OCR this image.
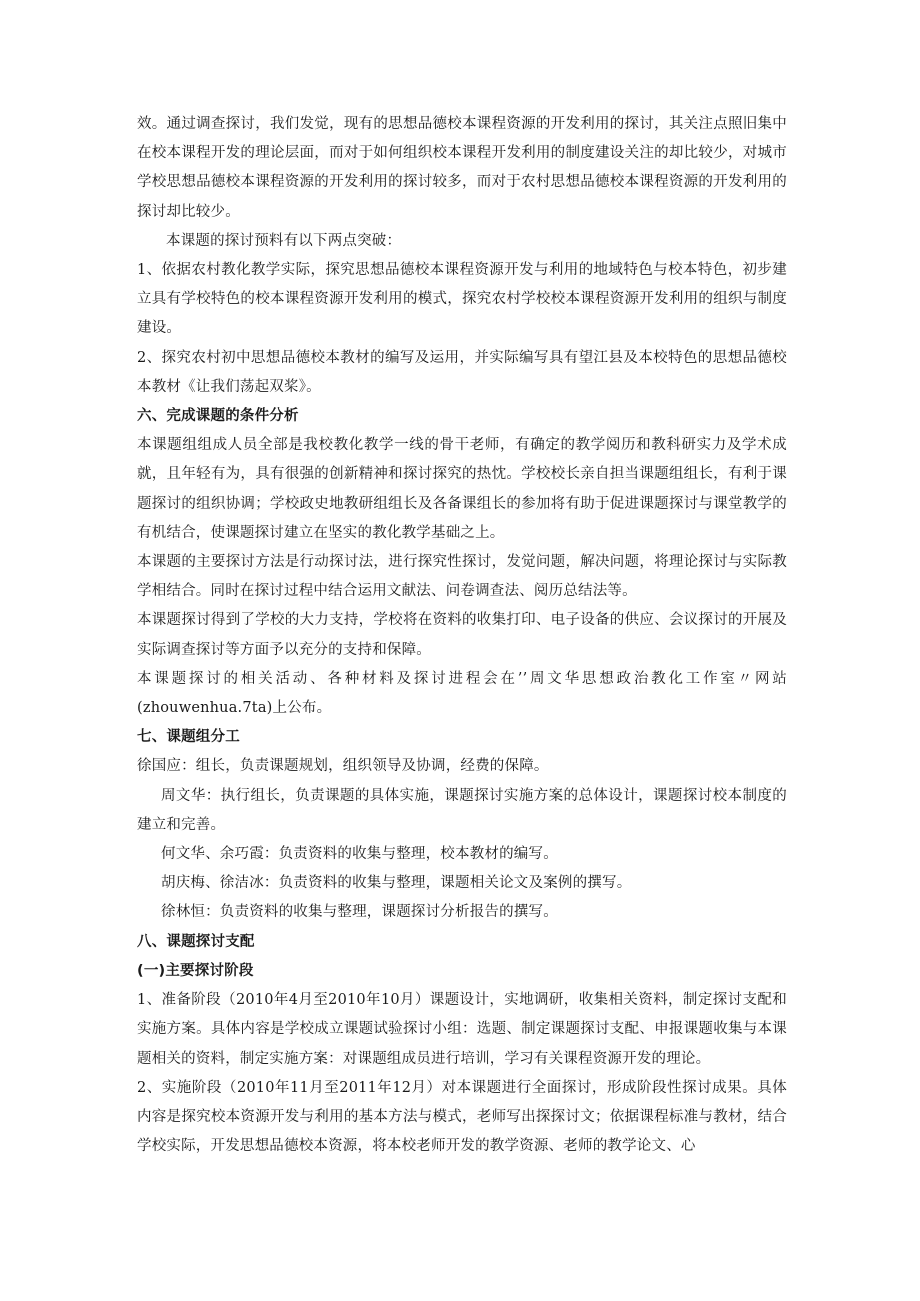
效。通过调查探讨，我们发觉，现有的思想品德校本课程资源的开发利用的探讨，其关注点照旧集中在校本课程开发的理论层面，而对于如何组织校本课程开发利用的制度建设关注的却比较少，对城市学校思想品德校本课程资源的开发利用的探讨较多，而对于农村思想品德校本课程资源的开发利用的探讨却比较少。

本课题的探讨预料有以下两点突破：

1、依据农村教化教学实际，探究思想品德校本课程资源开发与利用的地域特色与校本特色，初步建立具有学校特色的校本课程资源开发利用的模式，探究农村学校校本课程资源开发利用的组织与制度建设。

2、探究农村初中思想品德校本教材的编写及运用，并实际编写具有望江县及本校特色的思想品德校本教材《让我们荡起双桨》。

六、完成课题的条件分析

本课题组组成人员全部是我校教化教学一线的骨干老师，有确定的教学阅历和教科研实力及学术成就，且年轻有为，具有很强的创新精神和探讨探究的热忱。学校校长亲自担当课题组组长，有利于课题探讨的组织协调；学校政史地教研组组长及各备课组长的参加将有助于促进课题探讨与课堂教学的有机结合，使课题探讨建立在坚实的教化教学基础之上。

本课题的主要探讨方法是行动探讨法，进行探究性探讨，发觉问题，解决问题，将理论探讨与实际教学相结合。同时在探讨过程中结合运用文献法、问卷调查法、阅历总结法等。

本课题探讨得到了学校的大力支持，学校将在资料的收集打印、电子设备的供应、会议探讨的开展及实际调查探讨等方面予以充分的支持和保障。

本课题探讨的相关活动、各种材料及探讨进程会在’’周文华思想政治教化工作室〃网站(zhouwenhua.7ta)上公布。

七、课题组分工

徐国应：组长，负责课题规划，组织领导及协调，经费的保障。

周文华：执行组长，负责课题的具体实施，课题探讨实施方案的总体设计，课题探讨校本制度的建立和完善。

何文华、余巧霞：负责资料的收集与整理，校本教材的编写。

胡庆梅、徐洁冰：负责资料的收集与整理，课题相关论文及案例的撰写。

徐林恒：负责资料的收集与整理，课题探讨分析报告的撰写。

八、课题探讨支配

(一)主要探讨阶段

1、准备阶段（2010年4月至2010年10月）课题设计，实地调研，收集相关资料，制定探讨支配和实施方案。具体内容是学校成立课题试验探讨小组：选题、制定课题探讨支配、申报课题收集与本课题相关的资料，制定实施方案：对课题组成员进行培训，学习有关课程资源开发的理论。

2、实施阶段（2010年11月至2011年12月）对本课题进行全面探讨，形成阶段性探讨成果。具体内容是探究校本资源开发与利用的基本方法与模式，老师写出探探讨文；依据课程标准与教材，结合学校实际，开发思想品德校本资源，将本校老师开发的教学资源、老师的教学论文、心
